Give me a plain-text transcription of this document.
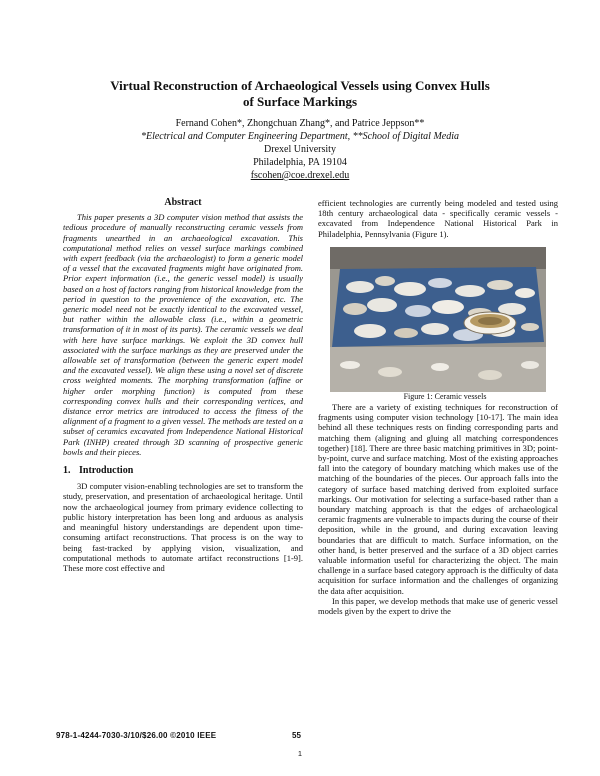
Virtual Reconstruction of Archaeological Vessels using Convex Hulls
of Surface Markings
Fernand Cohen*, Zhongchuan Zhang*, and Patrice Jeppson**
*Electrical and Computer Engineering Department, **School of Digital Media
Drexel University
Philadelphia, PA 19104
fscohen@coe.drexel.edu
Abstract

This paper presents a 3D computer vision method that assists the tedious procedure of manually reconstructing ceramic vessels from fragments unearthed in an archaeological excavation. This computational method relies on vessel surface markings combined with expert feedback (via the archaeologist) to form a generic model of a vessel that the excavated fragments might have originated from. Prior expert information (i.e., the generic vessel model) is usually based on a host of factors ranging from historical knowledge from the period in question to the provenience of the excavation, etc. The generic model need not be exactly identical to the excavated vessel, but rather within the allowable class (i.e., within a geometric transformation of it in most of its parts). The ceramic vessels we deal with here have surface markings. We exploit the 3D convex hull associated with the surface markings as they are preserved under the allowable set of transformation (between the generic expert model and the excavated vessel). We align these using a novel set of discrete cross weighted moments. The morphing transformation (affine or higher order morphing function) is computed from these corresponding convex hulls and their corresponding vertices, and distance error metrics are introduced to access the fitness of the alignment of a fragment to a given vessel. The methods are tested on a subset of ceramics excavated from Independence National Historical Park (INHP) created through 3D scanning of prospective generic bowls and their pieces.

1. Introduction

3D computer vision-enabling technologies are set to transform the study, preservation, and presentation of archaeological heritage. Until now the archaeological journey from primary evidence collecting to public history interpretation has been long and arduous as analysis and meaningful history understandings are dependent upon time-consuming artifact reconstructions. That process is on the way to being fast-tracked by applying vision, visualization, and computational methods to automate artifact reconstructions [1-9]. These more cost effective and

efficient technologies are currently being modeled and tested using 18th century archaeological data - specifically ceramic vessels - excavated from Independence National Historical Park in Philadelphia, Pennsylvania (Figure 1).

Figure 1: Ceramic vessels

There are a variety of existing techniques for reconstruction of fragments using computer vision technology [10-17]. The main idea behind all these techniques rests on finding corresponding parts and matching them (aligning and gluing all matching correspondences together) [18]. There are three basic matching primitives in 3D; point-by-point, curve and surface matching. Most of the existing approaches fall into the category of boundary matching which makes use of the matching of the boundaries of the pieces. Our approach falls into the category of surface based matching derived from exploited surface markings. Our motivation for selecting a surface-based rather than a boundary matching approach is that the edges of archaeological ceramic fragments are vulnerable to impacts during the course of their deposition, while in the ground, and during excavation leaving boundaries that are difficult to match. Surface information, on the other hand, is better preserved and the surface of a 3D object carries valuable information useful for characterizing the object. The main challenge in a surface based category approach is the difficulty of data acquisition for surface information and the challenges of organizing the data after acquisition.

In this paper, we develop methods that make use of generic vessel models given by the expert to drive the

978-1-4244-7030-3/10/$26.00 ©2010 IEEE	55
1
